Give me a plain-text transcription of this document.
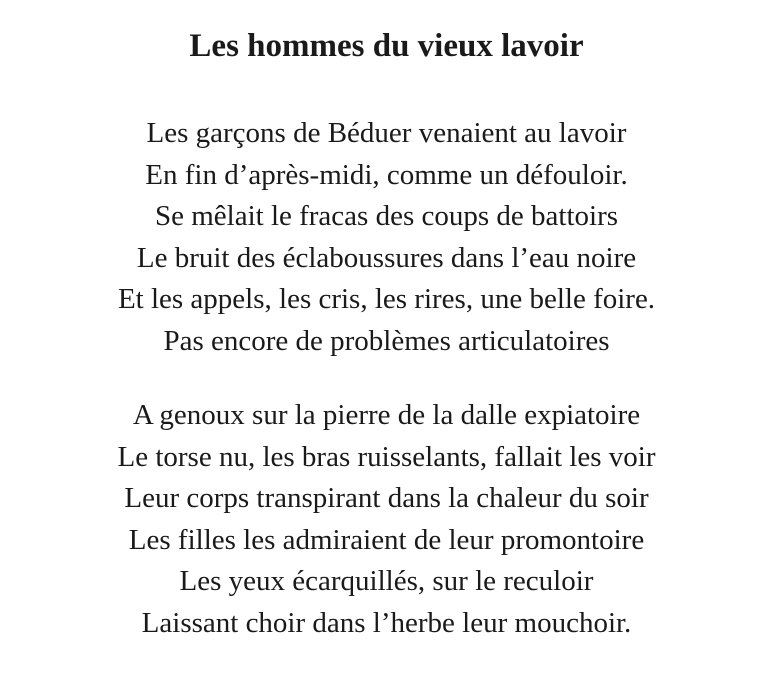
Les hommes du vieux lavoir
Les garçons de Béduer venaient au lavoir
En fin d’après-midi, comme un défouloir.
Se mêlait le fracas des coups de battoirs
Le bruit des éclaboussures dans l’eau noire
Et les appels, les cris, les rires, une belle foire.
Pas encore de problèmes articulatoires
A genoux sur la pierre de la dalle expiatoire
Le torse nu, les bras ruisselants, fallait les voir
Leur corps transpirant dans la chaleur du soir
Les filles les admiraient de leur promontoire
Les yeux écarquillés, sur le reculoir
Laissant choir dans l’herbe leur mouchoir.
